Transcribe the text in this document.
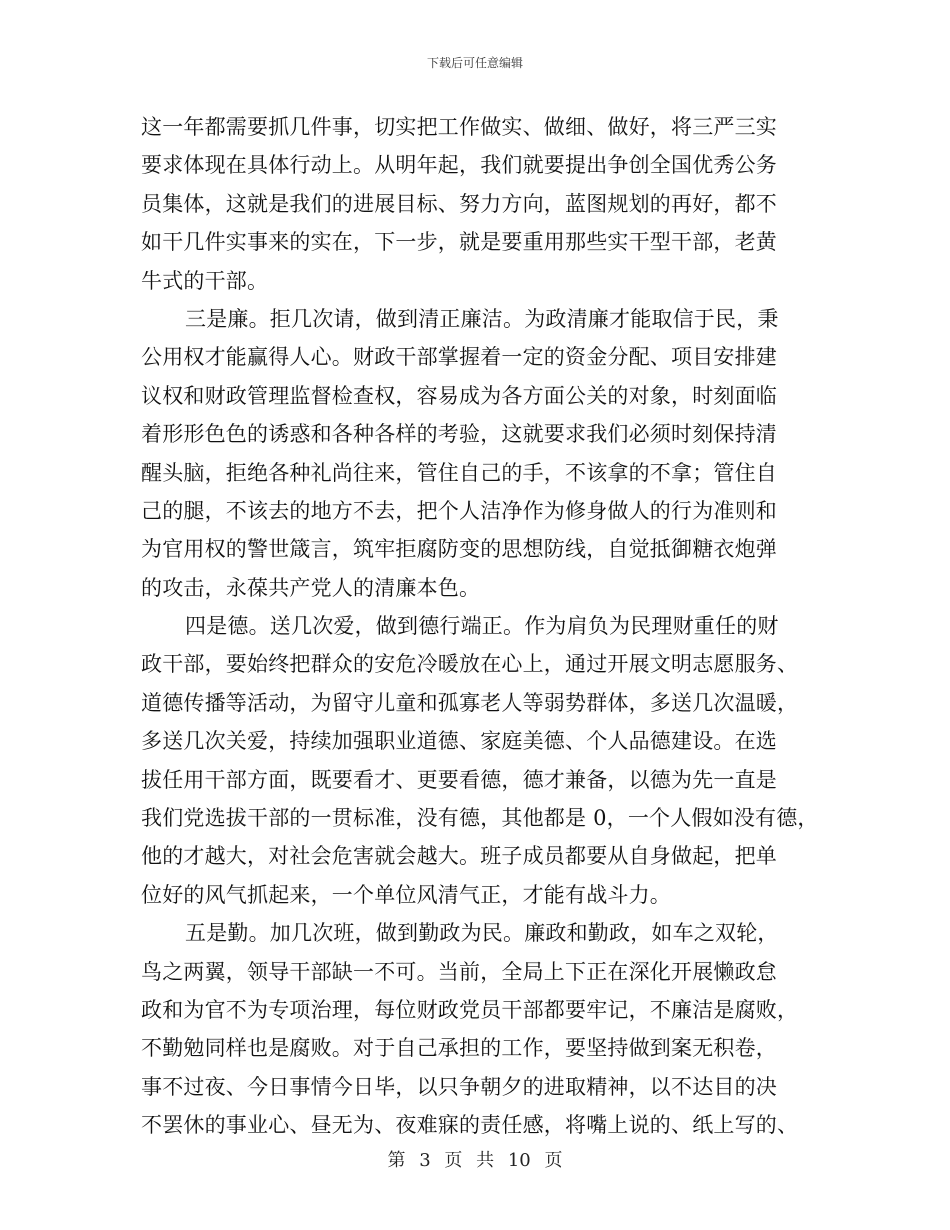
下载后可任意编辑
这一年都需要抓几件事，切实把工作做实、做细、做好，将三严三实
要求体现在具体行动上。从明年起，我们就要提出争创全国优秀公务
员集体，这就是我们的进展目标、努力方向，蓝图规划的再好，都不
如干几件实事来的实在，下一步，就是要重用那些实干型干部，老黄
牛式的干部。
三是廉。拒几次请，做到清正廉洁。为政清廉才能取信于民，秉
公用权才能赢得人心。财政干部掌握着一定的资金分配、项目安排建
议权和财政管理监督检查权，容易成为各方面公关的对象，时刻面临
着形形色色的诱惑和各种各样的考验，这就要求我们必须时刻保持清
醒头脑，拒绝各种礼尚往来，管住自己的手，不该拿的不拿；管住自
己的腿，不该去的地方不去，把个人洁净作为修身做人的行为准则和
为官用权的警世箴言，筑牢拒腐防变的思想防线，自觉抵御糖衣炮弹
的攻击，永葆共产党人的清廉本色。
四是德。送几次爱，做到德行端正。作为肩负为民理财重任的财
政干部，要始终把群众的安危冷暖放在心上，通过开展文明志愿服务、
道德传播等活动，为留守儿童和孤寡老人等弱势群体，多送几次温暖，
多送几次关爱，持续加强职业道德、家庭美德、个人品德建设。在选
拔任用干部方面，既要看才、更要看德，德才兼备，以德为先一直是
我们党选拔干部的一贯标准，没有德，其他都是 0，一个人假如没有德，
他的才越大，对社会危害就会越大。班子成员都要从自身做起，把单
位好的风气抓起来，一个单位风清气正，才能有战斗力。
五是勤。加几次班，做到勤政为民。廉政和勤政，如车之双轮，
鸟之两翼，领导干部缺一不可。当前，全局上下正在深化开展懒政怠
政和为官不为专项治理，每位财政党员干部都要牢记，不廉洁是腐败，
不勤勉同样也是腐败。对于自己承担的工作，要坚持做到案无积卷，
事不过夜、今日事情今日毕，以只争朝夕的进取精神，以不达目的决
不罢休的事业心、昼无为、夜难寐的责任感，将嘴上说的、纸上写的、
第 3 页 共 10 页
